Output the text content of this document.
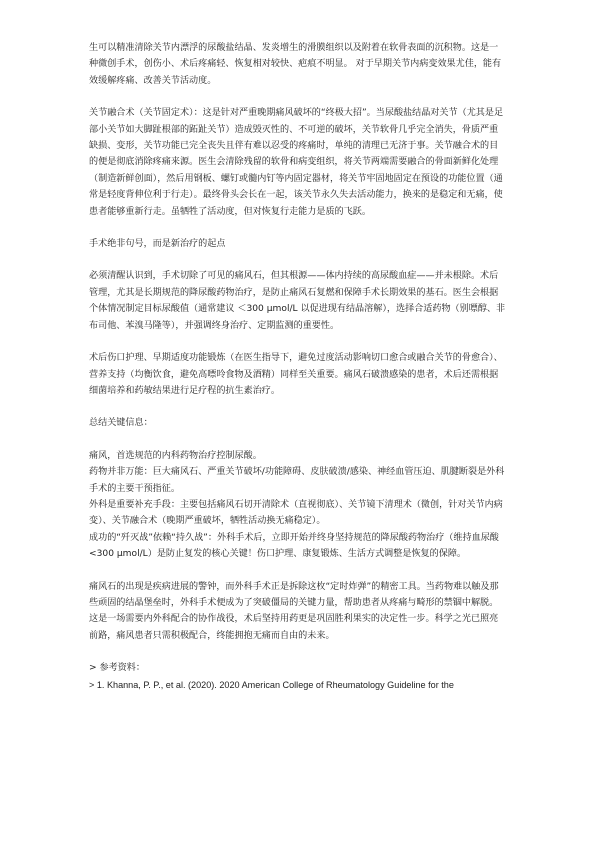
生可以精准清除关节内漂浮的尿酸盐结晶、发炎增生的滑膜组织以及附着在软骨表面的沉积物。这是一种微创手术，创伤小、术后疼痛轻、恢复相对较快、疤痕不明显。 对于早期关节内病变效果尤佳，能有效缓解疼痛、改善关节活动度。

关节融合术（关节固定术）：这是针对严重晚期痛风破坏的“终极大招”。当尿酸盐结晶对关节（尤其是足部小关节如大脚趾根部的跖趾关节）造成毁灭性的、不可逆的破坏，关节软骨几乎完全消失，骨质严重缺损、变形，关节功能已完全丧失且伴有难以忍受的疼痛时，单纯的清理已无济于事。关节融合术的目的便是彻底消除疼痛来源。医生会清除残留的软骨和病变组织，将关节两端需要融合的骨面新鲜化处理（制造新鲜创面），然后用钢板、螺钉或髓内钉等内固定器材，将关节牢固地固定在预设的功能位置（通常是轻度背伸位利于行走）。最终骨头会长在一起，该关节永久失去活动能力，换来的是稳定和无痛，使患者能够重新行走。虽牺牲了活动度，但对恢复行走能力是质的飞跃。

手术绝非句号，而是新治疗的起点

必须清醒认识到，手术切除了可见的痛风石，但其根源——体内持续的高尿酸血症——并未根除。术后管理，尤其是长期规范的降尿酸药物治疗，是防止痛风石复燃和保障手术长期效果的基石。医生会根据个体情况制定目标尿酸值（通常建议 ＜300 μmol/L 以促进现有结晶溶解），选择合适药物（别嘌醇、非布司他、苯溴马隆等），并强调终身治疗、定期监测的重要性。

术后伤口护理、早期适度功能锻炼（在医生指导下，避免过度活动影响切口愈合或融合关节的骨愈合）、营养支持（均衡饮食，避免高嘌呤食物及酒精）同样至关重要。痛风石破溃感染的患者，术后还需根据细菌培养和药敏结果进行足疗程的抗生素治疗。

总结关键信息：

痛风，首选规范的内科药物治疗控制尿酸。

药物并非万能：巨大痛风石、严重关节破坏/功能障碍、皮肤破溃/感染、神经血管压迫、肌腱断裂是外科手术的主要干预指征。

外科是重要补充手段：主要包括痛风石切开清除术（直视彻底）、关节镜下清理术（微创，针对关节内病变）、关节融合术（晚期严重破坏，牺牲活动换无痛稳定）。

成功的“歼灭战”依赖“持久战”：外科手术后，立即开始并终身坚持规范的降尿酸药物治疗（维持血尿酸<300 μmol/L）是防止复发的核心关键！伤口护理、康复锻炼、生活方式调整是恢复的保障。

痛风石的出现是疾病进展的警钟，而外科手术正是拆除这枚“定时炸弹”的精密工具。当药物难以触及那些顽固的结晶堡垒时，外科手术便成为了突破僵局的关键力量，帮助患者从疼痛与畸形的禁锢中解脱。这是一场需要内外科配合的协作战役，术后坚持用药更是巩固胜利果实的决定性一步。科学之光已照亮前路，痛风患者只需积极配合，终能拥抱无痛而自由的未来。

> 参考资料：

> 1. Khanna, P. P., et al. (2020). 2020 American College of Rheumatology Guideline for the
